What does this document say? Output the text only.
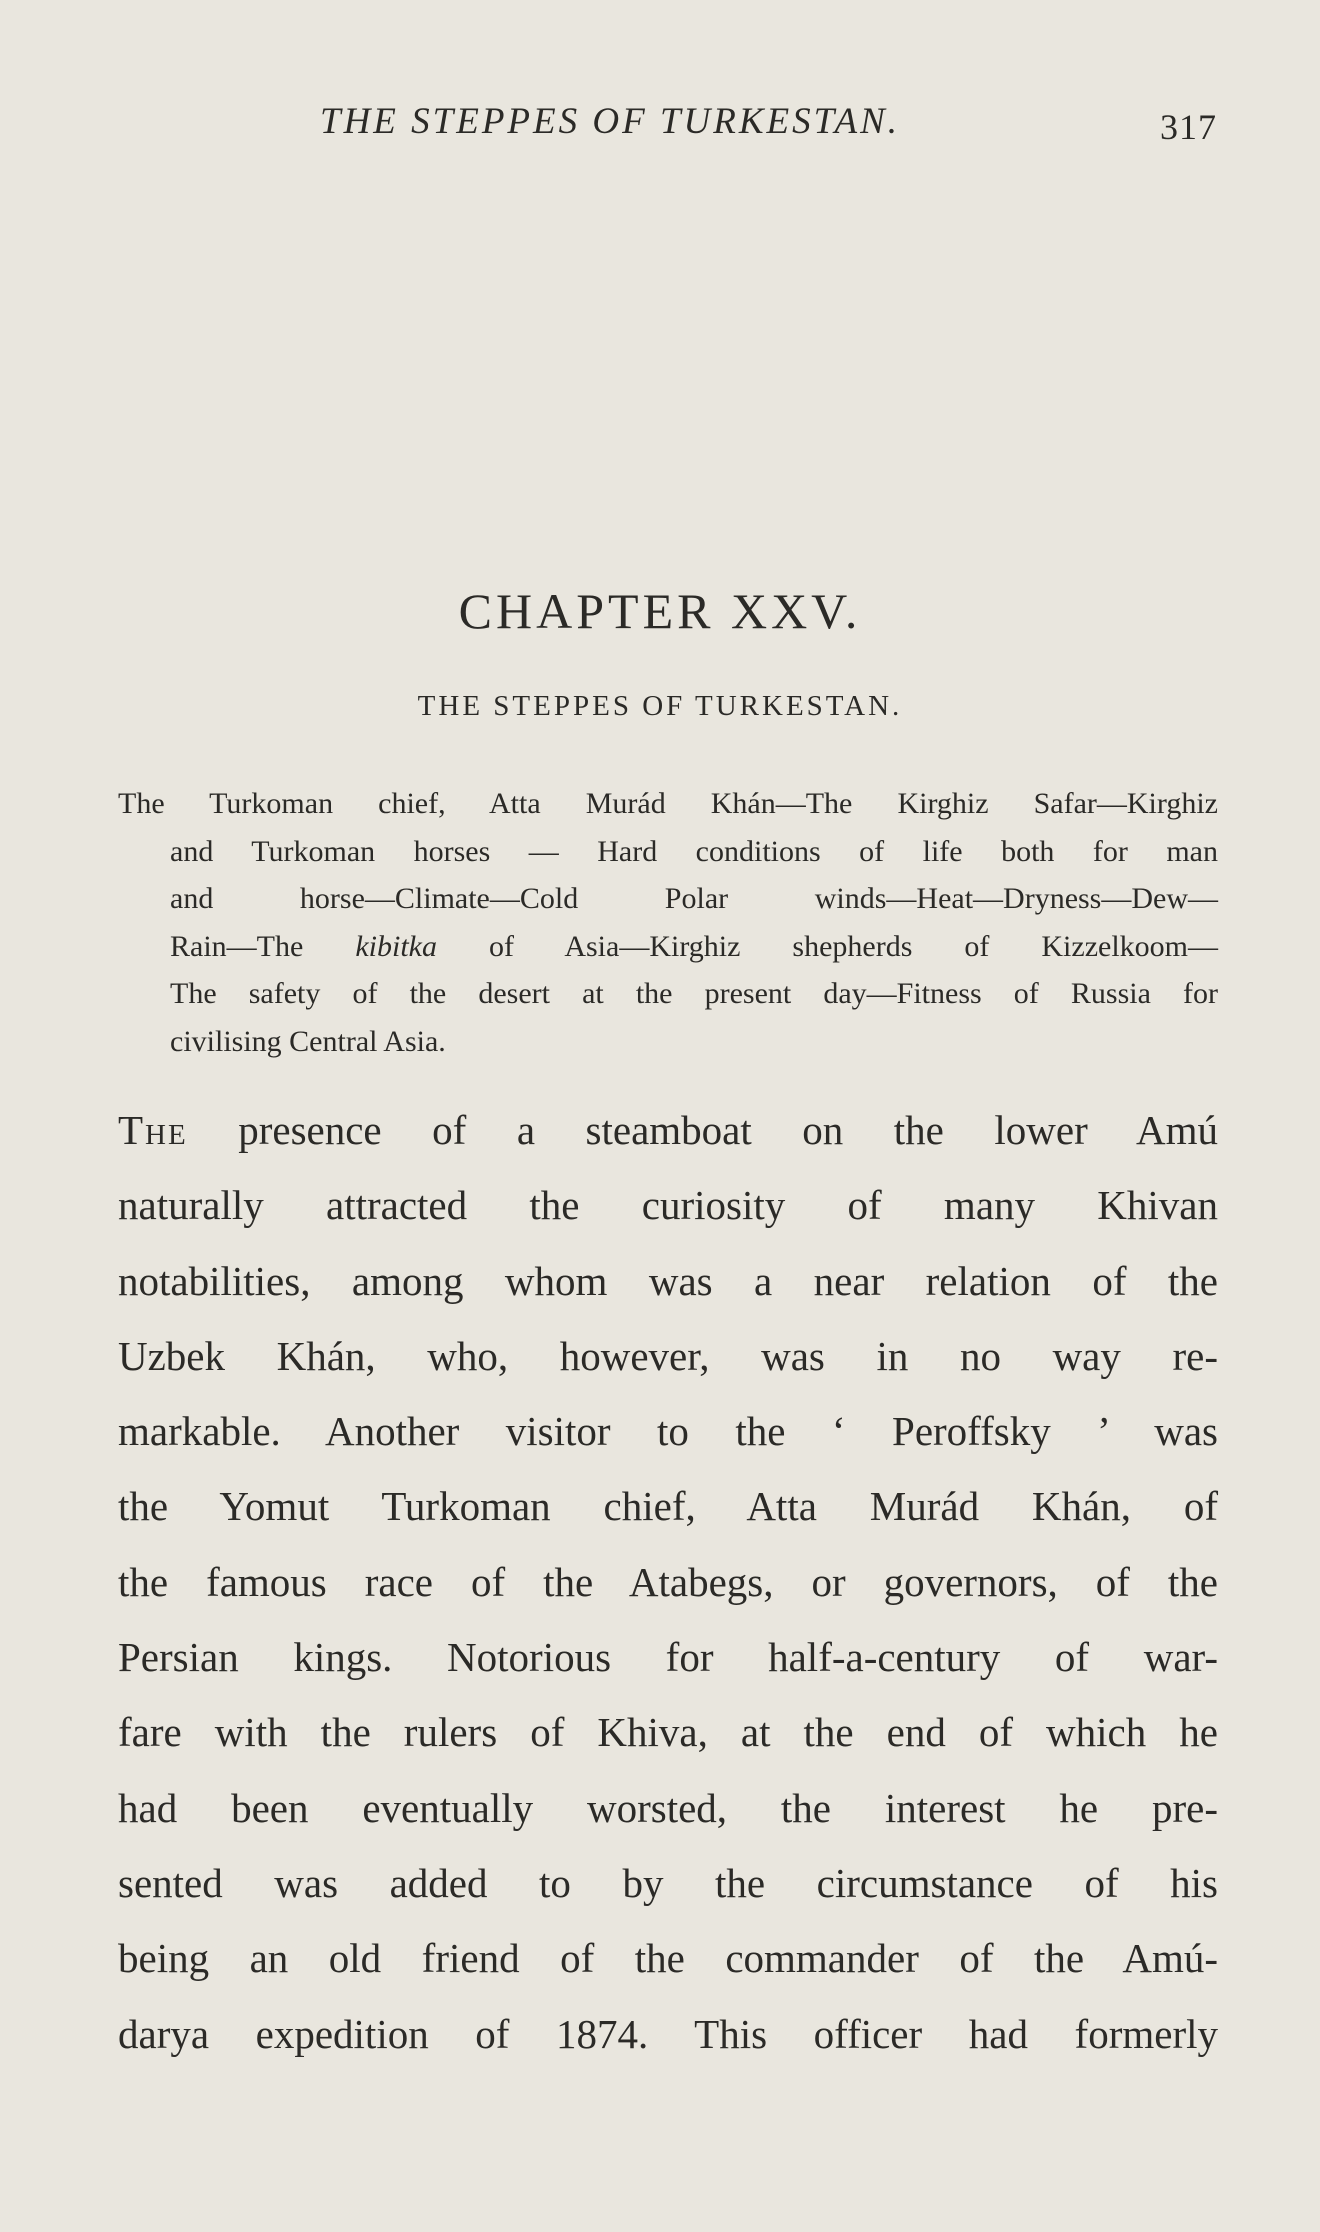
THE STEPPES OF TURKESTAN.	317
CHAPTER XXV.
THE STEPPES OF TURKESTAN.
The Turkoman chief, Atta Murád Khán—The Kirghiz Safar—Kirghiz
and Turkoman horses — Hard conditions of life both for man
and horse—Climate—Cold Polar winds—Heat—Dryness—Dew—
Rain—The kibitka of Asia—Kirghiz shepherds of Kizzelkoom—
The safety of the desert at the present day—Fitness of Russia for
civilising Central Asia.
The presence of a steamboat on the lower Amú
naturally attracted the curiosity of many Khivan
notabilities, among whom was a near relation of the
Uzbek Khán, who, however, was in no way re-
markable. Another visitor to the ‘ Peroffsky ’ was
the Yomut Turkoman chief, Atta Murád Khán, of
the famous race of the Atabegs, or governors, of the
Persian kings. Notorious for half-a-century of war-
fare with the rulers of Khiva, at the end of which he
had been eventually worsted, the interest he pre-
sented was added to by the circumstance of his
being an old friend of the commander of the Amú-
darya expedition of 1874. This officer had formerly
